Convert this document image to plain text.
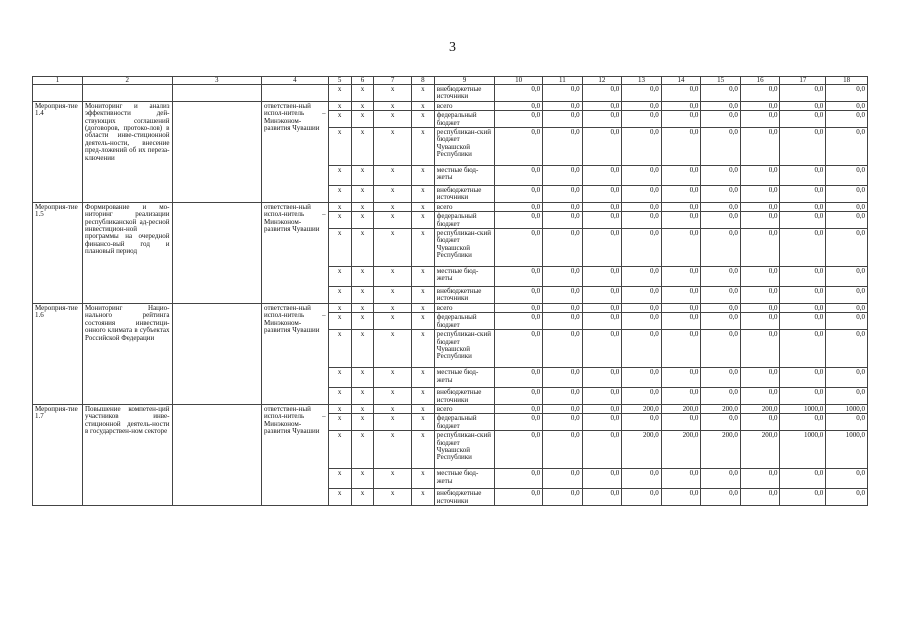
3
1	2	3	4	5	6	7	8	9	10	11	12	13	14	15	16	17	18
				x	x	x	x	внебюджетные источники	0,0	0,0	0,0	0,0	0,0	0,0	0,0	0,0	0,0
Мероприя-тие 1.4	Мониторинг и анализ эффективности дей-ствующих соглашений (договоров, протоко-лов) в области инве-стиционной деятель-ности, внесение пред-ложений об их переза-ключении		ответствен-ный испол-нитель – Минэконом-развития Чувашии	x	x	x	x	всего	0,0	0,0	0,0	0,0	0,0	0,0	0,0	0,0	0,0
				x	x	x	x	федеральный бюджет	0,0	0,0	0,0	0,0	0,0	0,0	0,0	0,0	0,0
				x	x	x	x	республикан-ский бюджет Чувашской Республики	0,0	0,0	0,0	0,0	0,0	0,0	0,0	0,0	0,0
				x	x	x	x	местные бюд-жеты	0,0	0,0	0,0	0,0	0,0	0,0	0,0	0,0	0,0
				x	x	x	x	внебюджетные источники	0,0	0,0	0,0	0,0	0,0	0,0	0,0	0,0	0,0
Мероприя-тие 1.5	Формирование и мо-ниторинг реализации республиканской ад-ресной инвестицион-ной программы на очередной финансо-вый год и плановый период		ответствен-ный испол-нитель – Минэконом-развития Чувашии	x	x	x	x	всего	0,0	0,0	0,0	0,0	0,0	0,0	0,0	0,0	0,0
				x	x	x	x	федеральный бюджет	0,0	0,0	0,0	0,0	0,0	0,0	0,0	0,0	0,0
				x	x	x	x	республикан-ский бюджет Чувашской Республики	0,0	0,0	0,0	0,0	0,0	0,0	0,0	0,0	0,0
				x	x	x	x	местные бюд-жеты	0,0	0,0	0,0	0,0	0,0	0,0	0,0	0,0	0,0
				x	x	x	x	внебюджетные источники	0,0	0,0	0,0	0,0	0,0	0,0	0,0	0,0	0,0
Мероприя-тие 1.6	Мониторинг Нацио-нального рейтинга состояния инвестици-онного климата в субъектах Российской Федерации		ответствен-ный испол-нитель – Минэконом-развития Чувашии	x	x	x	x	всего	0,0	0,0	0,0	0,0	0,0	0,0	0,0	0,0	0,0
				x	x	x	x	федеральный бюджет	0,0	0,0	0,0	0,0	0,0	0,0	0,0	0,0	0,0
				x	x	x	x	республикан-ский бюджет Чувашской Республики	0,0	0,0	0,0	0,0	0,0	0,0	0,0	0,0	0,0
				x	x	x	x	местные бюд-жеты	0,0	0,0	0,0	0,0	0,0	0,0	0,0	0,0	0,0
				x	x	x	x	внебюджетные источники	0,0	0,0	0,0	0,0	0,0	0,0	0,0	0,0	0,0
Мероприя-тие 1.7	Повышение компетен-ций участников инве-стиционной деятель-ности в государствен-ном секторе		ответствен-ный испол-нитель – Минэконом-развития Чувашии	x	x	x	x	всего	0,0	0,0	0,0	200,0	200,0	200,0	200,0	1000,0	1000,0
				x	x	x	x	федеральный бюджет	0,0	0,0	0,0	0,0	0,0	0,0	0,0	0,0	0,0
				x	x	x	x	республикан-ский бюджет Чувашской Республики	0,0	0,0	0,0	200,0	200,0	200,0	200,0	1000,0	1000,0
				x	x	x	x	местные бюд-жеты	0,0	0,0	0,0	0,0	0,0	0,0	0,0	0,0	0,0
				x	x	x	x	внебюджетные источники	0,0	0,0	0,0	0,0	0,0	0,0	0,0	0,0	0,0
